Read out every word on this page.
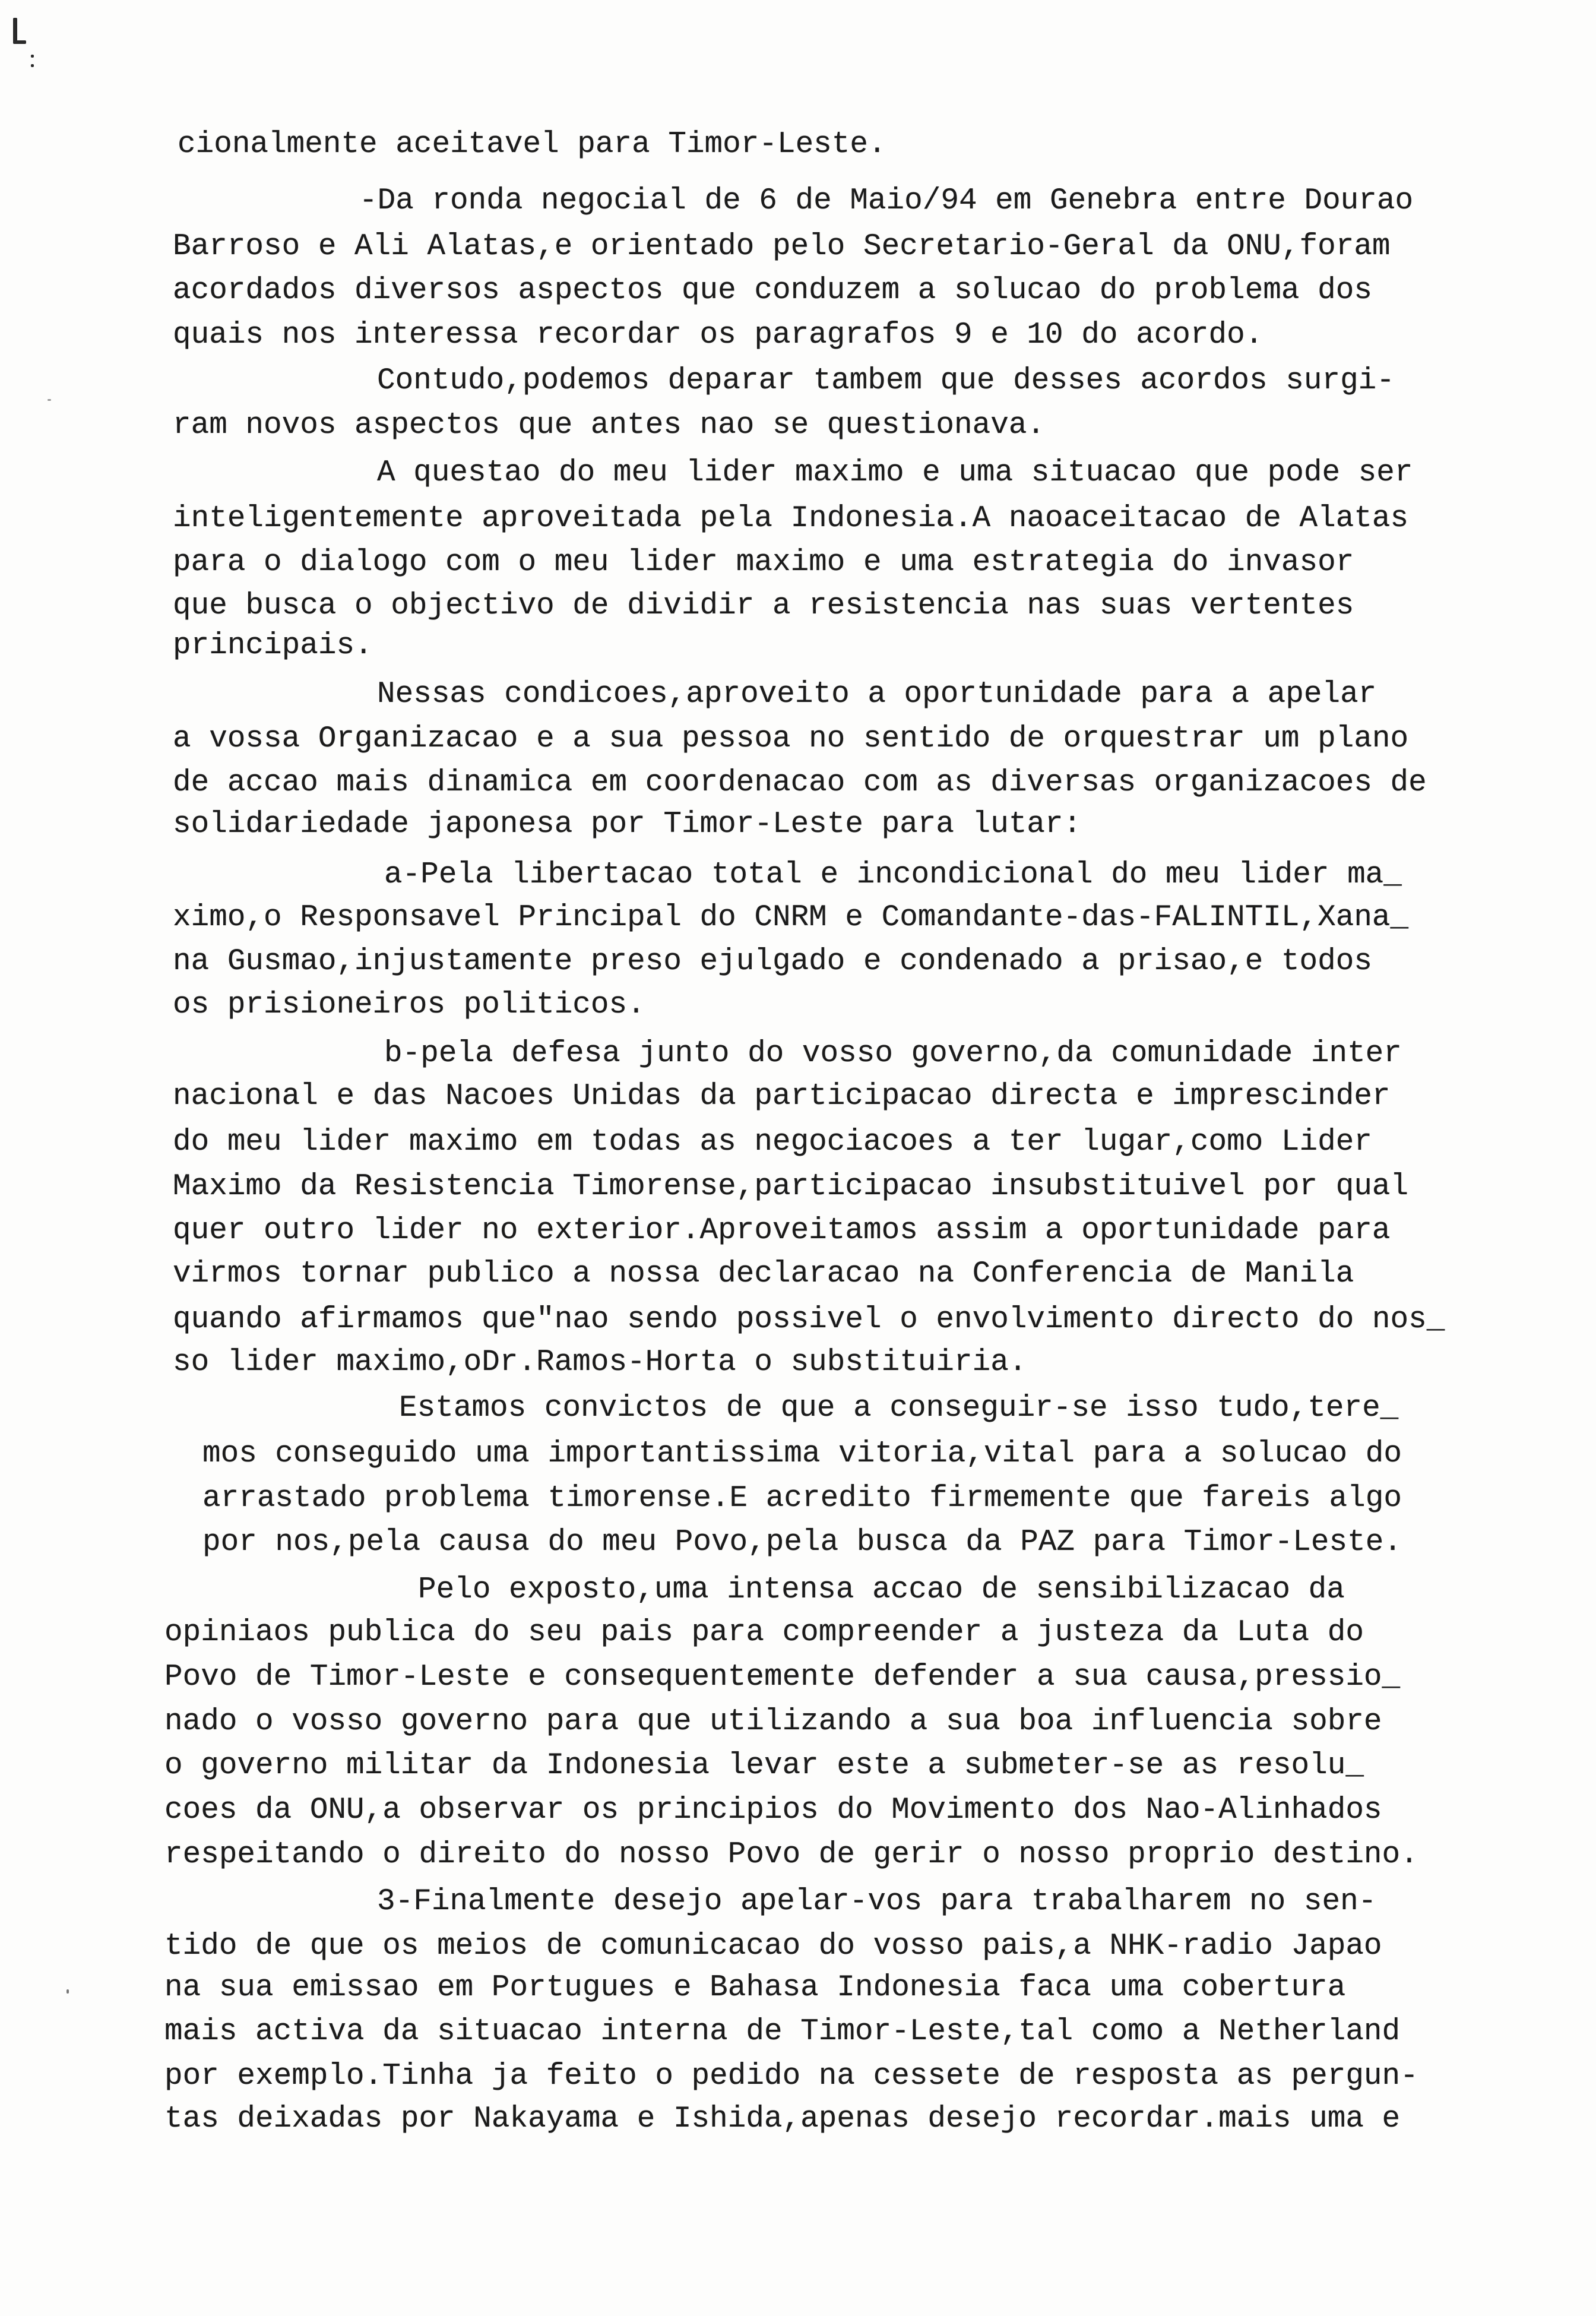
cionalmente aceitavel para Timor-Leste.
-Da ronda negocial de 6 de Maio/94 em Genebra entre Dourao
Barroso e Ali Alatas,e orientado pelo Secretario-Geral da ONU,foram
acordados diversos aspectos que conduzem a solucao do problema dos
quais nos interessa recordar os paragrafos 9 e 10 do acordo.
Contudo,podemos deparar tambem que desses acordos surgi-
ram novos aspectos que antes nao se questionava.
A questao do meu lider maximo e uma situacao que pode ser
inteligentemente aproveitada pela Indonesia.A naoaceitacao de Alatas
para o dialogo com o meu lider maximo e uma estrategia do invasor
que busca o objectivo de dividir a resistencia nas suas vertentes
principais.
Nessas condicoes,aproveito a oportunidade para a apelar
a vossa Organizacao e a sua pessoa no sentido de orquestrar um plano
de accao mais dinamica em coordenacao com as diversas organizacoes de
solidariedade japonesa por Timor-Leste para lutar:
a-Pela libertacao total e incondicional do meu lider ma_
ximo,o Responsavel Principal do CNRM e Comandante-das-FALINTIL,Xana_
na Gusmao,injustamente preso ejulgado e condenado a prisao,e todos
os prisioneiros politicos.
b-pela defesa junto do vosso governo,da comunidade inter
nacional e das Nacoes Unidas da participacao directa e imprescinder
do meu lider maximo em todas as negociacoes a ter lugar,como Lider
Maximo da Resistencia Timorense,participacao insubstituivel por qual
quer outro lider no exterior.Aproveitamos assim a oportunidade para
virmos tornar publico a nossa declaracao na Conferencia de Manila
quando afirmamos que"nao sendo possivel o envolvimento directo do nos_
so lider maximo,oDr.Ramos-Horta o substituiria.
Estamos convictos de que a conseguir-se isso tudo,tere_
mos conseguido uma importantissima vitoria,vital para a solucao do
arrastado problema timorense.E acredito firmemente que fareis algo
por nos,pela causa do meu Povo,pela busca da PAZ para Timor-Leste.
Pelo exposto,uma intensa accao de sensibilizacao da
opiniaos publica do seu pais para compreender a justeza da Luta do
Povo de Timor-Leste e consequentemente defender a sua causa,pressio_
nado o vosso governo para que utilizando a sua boa influencia sobre
o governo militar da Indonesia levar este a submeter-se as resolu_
coes da ONU,a observar os principios do Movimento dos Nao-Alinhados
respeitando o direito do nosso Povo de gerir o nosso proprio destino.
3-Finalmente desejo apelar-vos para trabalharem no sen-
tido de que os meios de comunicacao do vosso pais,a NHK-radio Japao
na sua emissao em Portugues e Bahasa Indonesia faca uma cobertura
mais activa da situacao interna de Timor-Leste,tal como a Netherland
por exemplo.Tinha ja feito o pedido na cessete de resposta as pergun-
tas deixadas por Nakayama e Ishida,apenas desejo recordar.mais uma e
